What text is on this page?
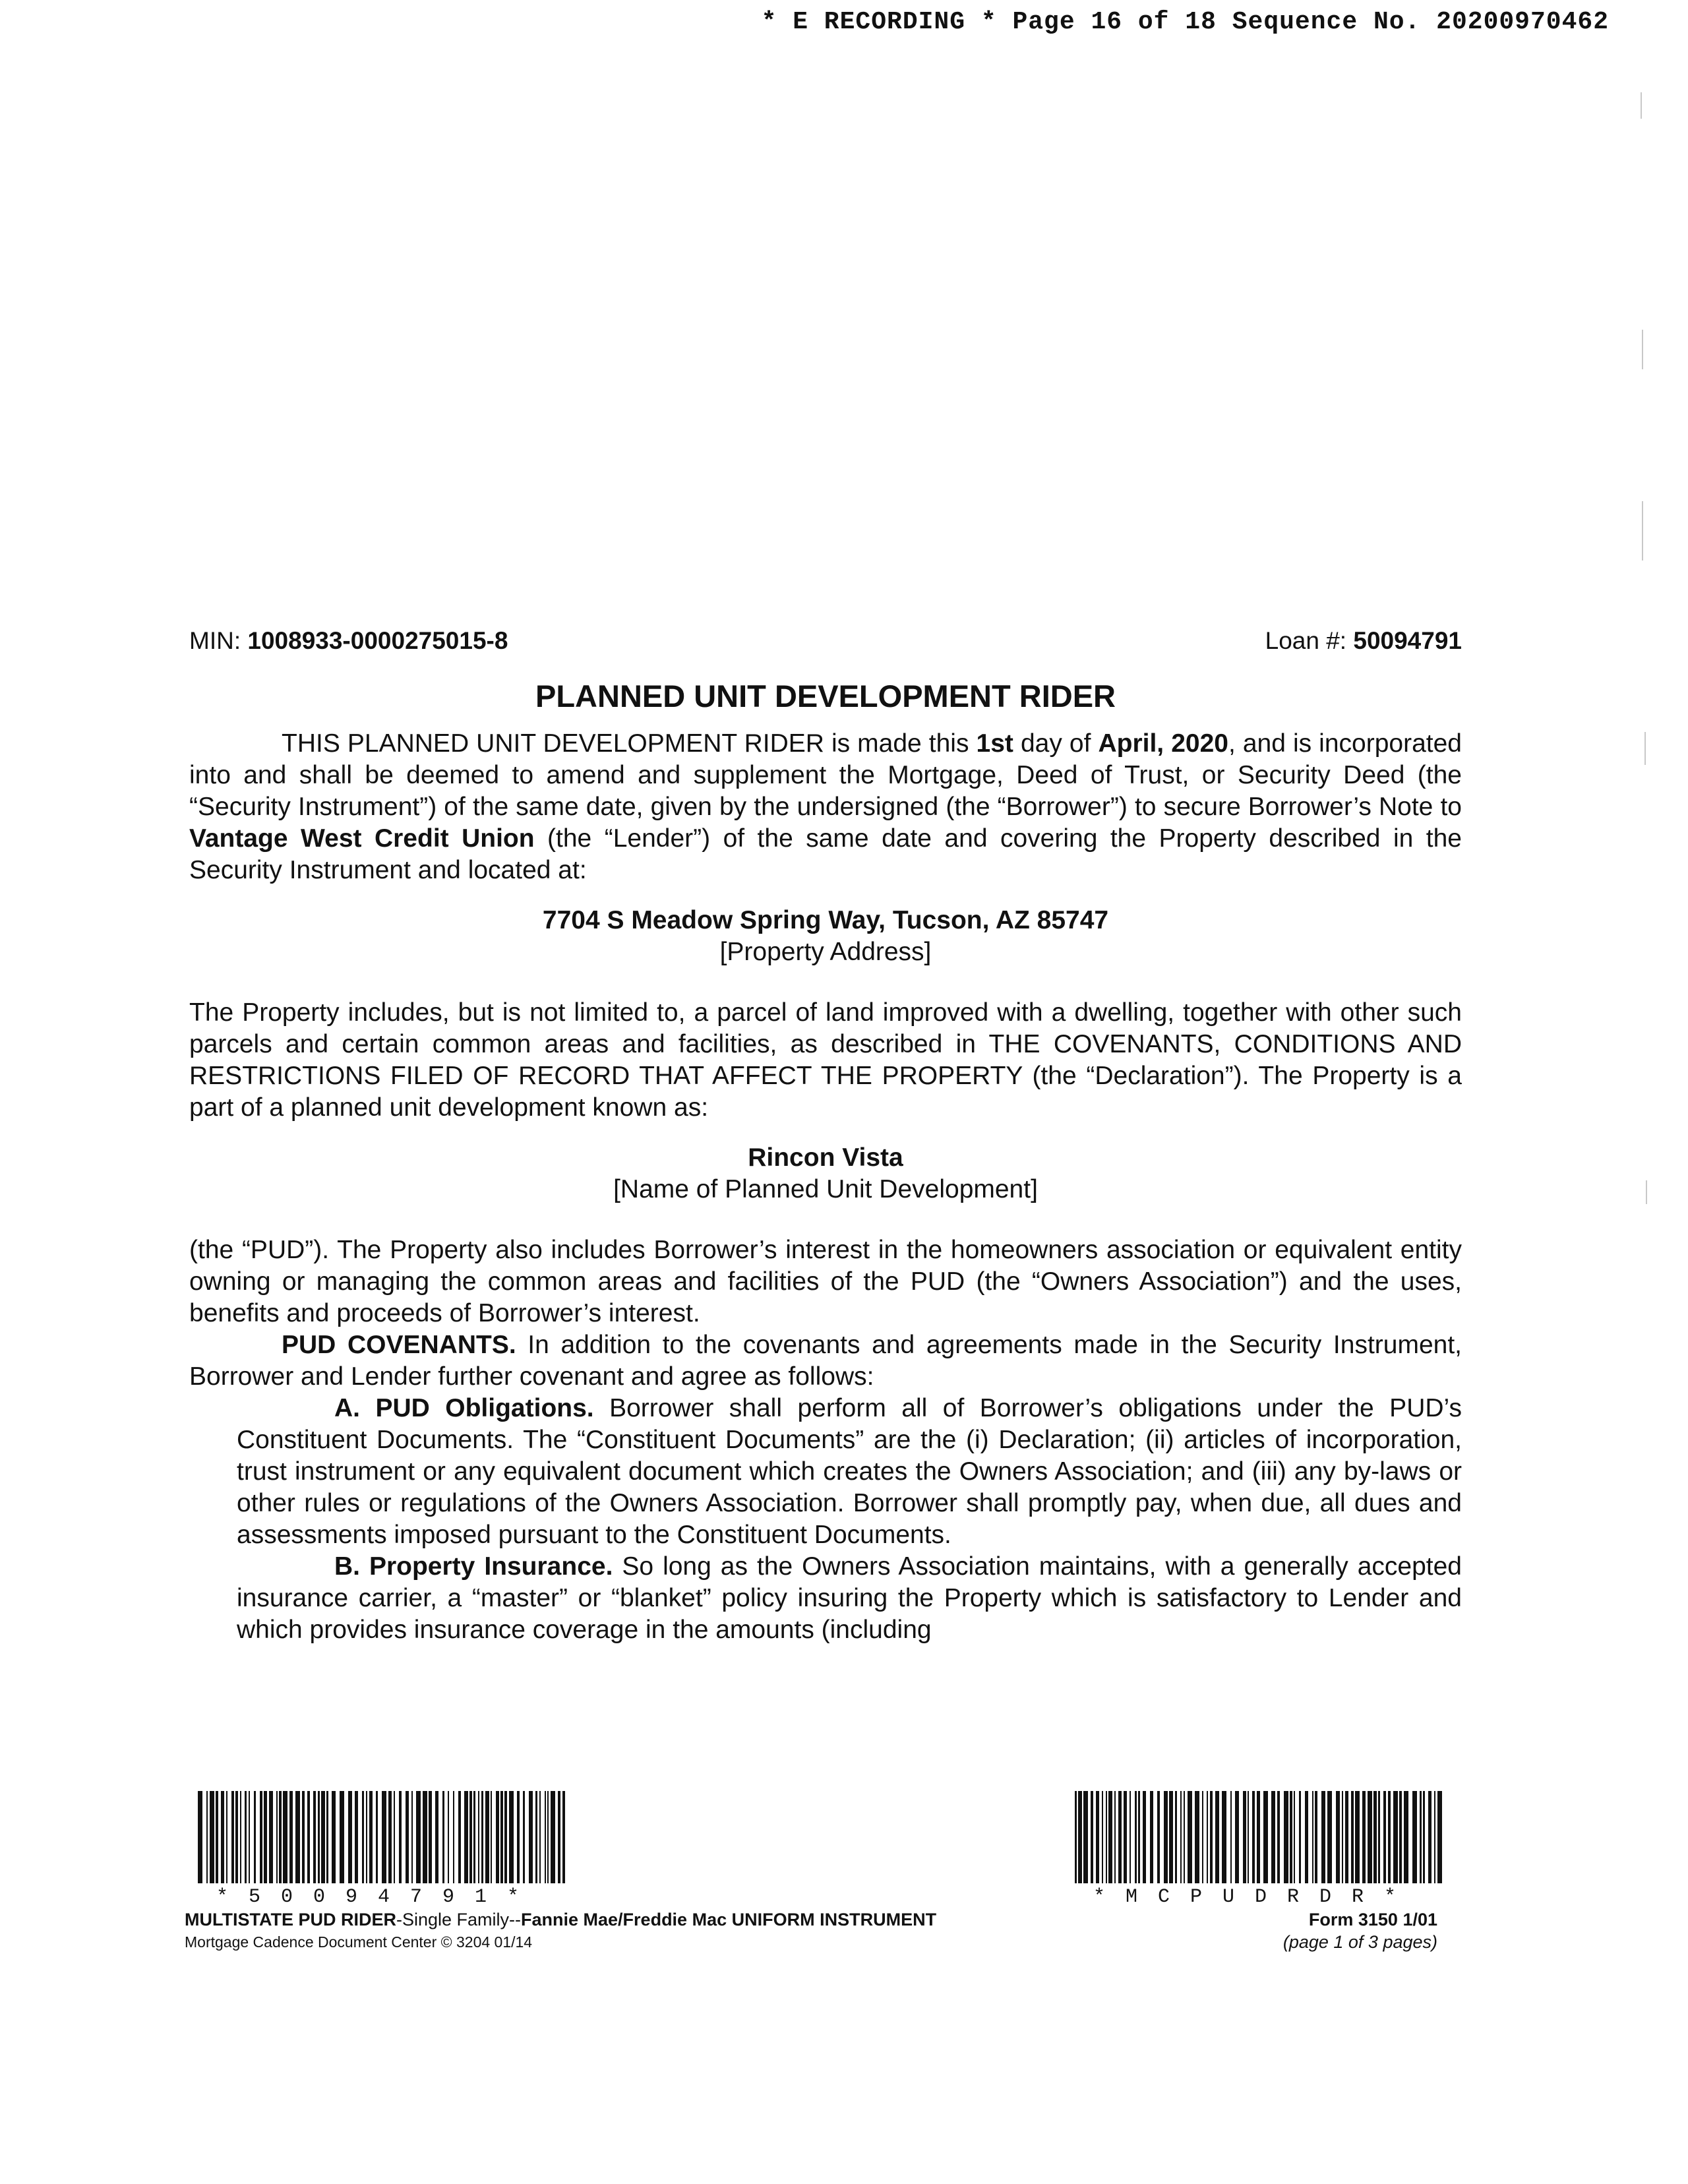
* E RECORDING * Page 16 of 18 Sequence No. 20200970462
MIN: 1008933-0000275015-8	Loan #: 50094791
PLANNED UNIT DEVELOPMENT RIDER

THIS PLANNED UNIT DEVELOPMENT RIDER is made this 1st day of April, 2020, and is incorporated into and shall be deemed to amend and supplement the Mortgage, Deed of Trust, or Security Deed (the “Security Instrument”) of the same date, given by the undersigned (the “Borrower”) to secure Borrower’s Note to Vantage West Credit Union (the “Lender”) of the same date and covering the Property described in the Security Instrument and located at:

7704 S Meadow Spring Way, Tucson, AZ 85747
[Property Address]

The Property includes, but is not limited to, a parcel of land improved with a dwelling, together with other such parcels and certain common areas and facilities, as described in THE COVENANTS, CONDITIONS AND RESTRICTIONS FILED OF RECORD THAT AFFECT THE PROPERTY (the “Declaration”). The Property is a part of a planned unit development known as:

Rincon Vista
[Name of Planned Unit Development]

(the “PUD”). The Property also includes Borrower’s interest in the homeowners association or equivalent entity owning or managing the common areas and facilities of the PUD (the “Owners Association”) and the uses, benefits and proceeds of Borrower’s interest.

PUD COVENANTS. In addition to the covenants and agreements made in the Security Instrument, Borrower and Lender further covenant and agree as follows:

A. PUD Obligations. Borrower shall perform all of Borrower’s obligations under the PUD’s Constituent Documents. The “Constituent Documents” are the (i) Declaration; (ii) articles of incorporation, trust instrument or any equivalent document which creates the Owners Association; and (iii) any by-laws or other rules or regulations of the Owners Association. Borrower shall promptly pay, when due, all dues and assessments imposed pursuant to the Constituent Documents.

B. Property Insurance. So long as the Owners Association maintains, with a generally accepted insurance carrier, a “master” or “blanket” policy insuring the Property which is satisfactory to Lender and which provides insurance coverage in the amounts (including

*50094791*	*MCPUDRDR*
MULTISTATE PUD RIDER-Single Family--Fannie Mae/Freddie Mac UNIFORM INSTRUMENT
Mortgage Cadence Document Center © 3204 01/14
Form 3150 1/01
(page 1 of 3 pages)
